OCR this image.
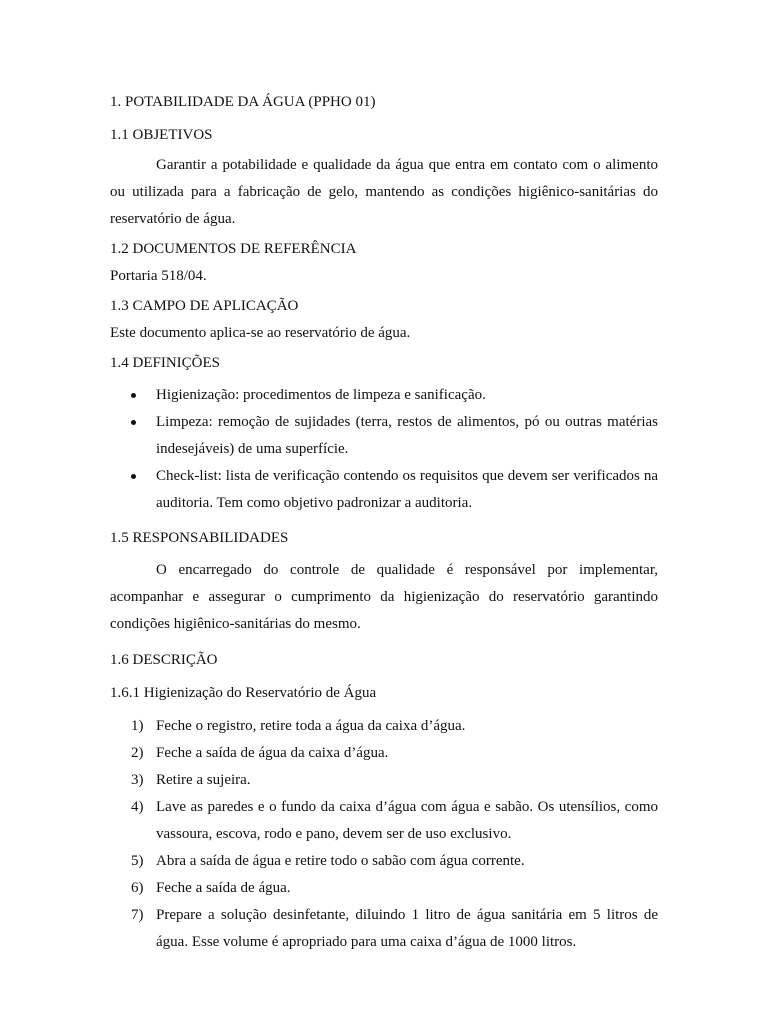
1. POTABILIDADE DA ÁGUA (PPHO 01)

1.1 OBJETIVOS

Garantir a potabilidade e qualidade da água que entra em contato com o alimento ou utilizada para a fabricação de gelo, mantendo as condições higiênico-sanitárias do reservatório de água.

1.2 DOCUMENTOS DE REFERÊNCIA

Portaria 518/04.

1.3 CAMPO DE APLICAÇÃO

Este documento aplica-se ao reservatório de água.

1.4 DEFINIÇÕES

Higienização: procedimentos de limpeza e sanificação.
Limpeza: remoção de sujidades (terra, restos de alimentos, pó ou outras matérias indesejáveis) de uma superfície.
Check-list: lista de verificação contendo os requisitos que devem ser verificados na auditoria. Tem como objetivo padronizar a auditoria.

1.5 RESPONSABILIDADES

O encarregado do controle de qualidade é responsável por implementar, acompanhar e assegurar o cumprimento da higienização do reservatório garantindo condições higiênico-sanitárias do mesmo.

1.6 DESCRIÇÃO

1.6.1 Higienização do Reservatório de Água

1) Feche o registro, retire toda a água da caixa d’água.
2) Feche a saída de água da caixa d’água.
3) Retire a sujeira.
4) Lave as paredes e o fundo da caixa d’água com água e sabão. Os utensílios, como vassoura, escova, rodo e pano, devem ser de uso exclusivo.
5) Abra a saída de água e retire todo o sabão com água corrente.
6) Feche a saída de água.
7) Prepare a solução desinfetante, diluindo 1 litro de água sanitária em 5 litros de água. Esse volume é apropriado para uma caixa d’água de 1000 litros.
